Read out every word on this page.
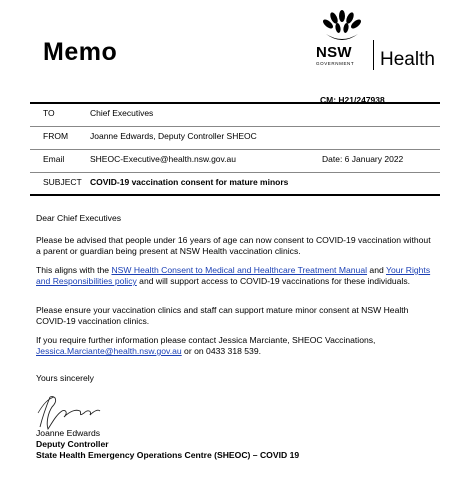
Memo	NSW
GOVERNMENT Health
CM: H21/247938
TO	Chief Executives
FROM	Joanne Edwards, Deputy Controller SHEOC
Email	SHEOC-Executive@health.nsw.gov.au	Date: 6 January 2022
SUBJECT COVID-19 vaccination consent for mature minors
Dear Chief Executives
Please be advised that people under 16 years of age can now consent to COVID-19 vaccination without a parent or guardian being present at NSW Health vaccination clinics.
This aligns with the NSW Health Consent to Medical and Healthcare Treatment Manual and Your Rights and Responsibilities policy and will support access to COVID-19 vaccinations for these individuals.
Please ensure your vaccination clinics and staff can support mature minor consent at NSW Health COVID-19 vaccination clinics.
If you require further information please contact Jessica Marciante, SHEOC Vaccinations, Jessica.Marciante@health.nsw.gov.au or on 0433 318 539.
Yours sincerely
Joanne Edwards
Deputy Controller
State Health Emergency Operations Centre (SHEOC) – COVID 19
